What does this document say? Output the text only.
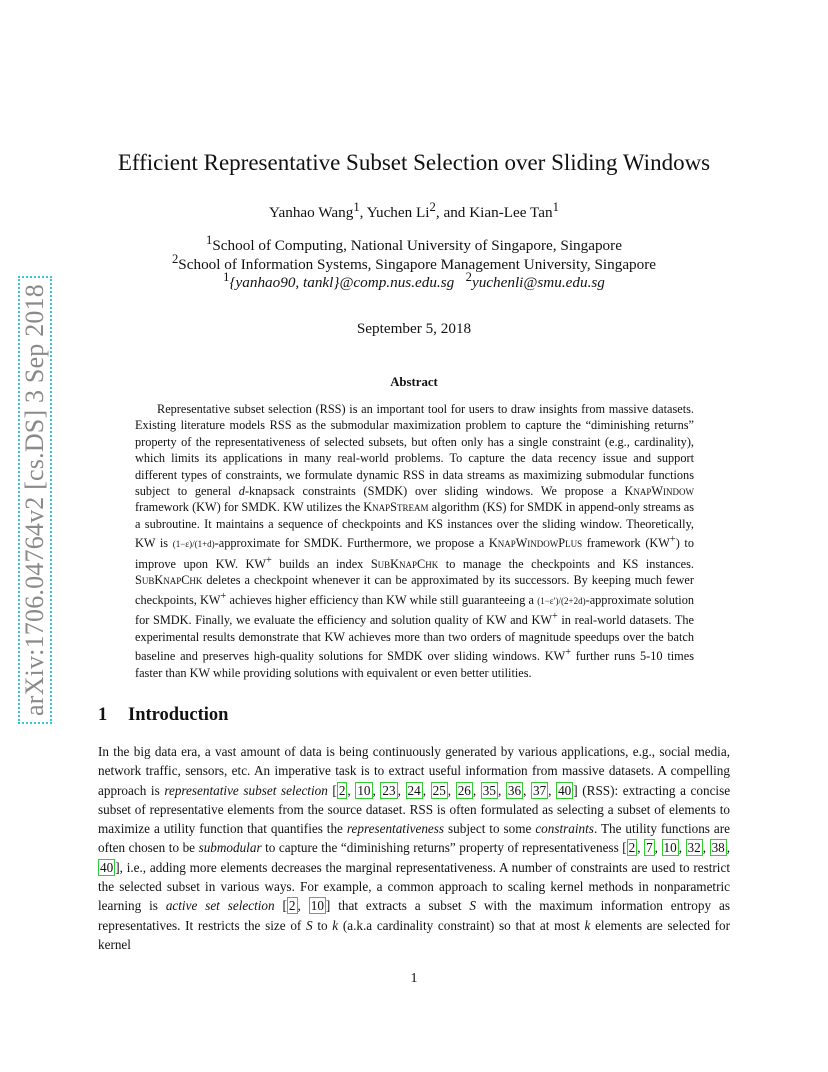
arXiv:1706.04764v2 [cs.DS] 3 Sep 2018
Efficient Representative Subset Selection over Sliding Windows
Yanhao Wang$^1$, Yuchen Li$^2$, and Kian-Lee Tan$^1$
$^1$School of Computing, National University of Singapore, Singapore
$^2$School of Information Systems, Singapore Management University, Singapore
$^1${yanhao90, tankl}@comp.nus.edu.sg $^2$yuchenli@smu.edu.sg
September 5, 2018
Abstract
Representative subset selection (RSS) is an important tool for users to draw insights from massive datasets. Existing literature models RSS as the submodular maximization problem to capture the “diminishing returns” property of the representativeness of selected subsets, but often only has a single constraint (e.g., cardinality), which limits its applications in many real-world problems. To capture the data recency issue and support different types of constraints, we formulate dynamic RSS in data streams as maximizing submodular functions subject to general d-knapsack constraints (SMDK) over sliding windows. We propose a KnapWindow framework (KW) for SMDK. KW utilizes the KnapStream algorithm (KS) for SMDK in append-only streams as a subroutine. It maintains a sequence of checkpoints and KS instances over the sliding window. Theoretically, KW is (1−ε)/(1+d)-approximate for SMDK. Furthermore, we propose a KnapWindowPlus framework (KW+) to improve upon KW. KW+ builds an index SubKnapChk to manage the checkpoints and KS instances. SubKnapChk deletes a checkpoint whenever it can be approximated by its successors. By keeping much fewer checkpoints, KW+ achieves higher efficiency than KW while still guaranteeing a (1−ε′)/(2+2d)-approximate solution for SMDK. Finally, we evaluate the efficiency and solution quality of KW and KW+ in real-world datasets. The experimental results demonstrate that KW achieves more than two orders of magnitude speedups over the batch baseline and preserves high-quality solutions for SMDK over sliding windows. KW+ further runs 5-10 times faster than KW while providing solutions with equivalent or even better utilities.
1 Introduction
In the big data era, a vast amount of data is being continuously generated by various applications, e.g., social media, network traffic, sensors, etc. An imperative task is to extract useful information from massive datasets. A compelling approach is representative subset selection [ 2 , 10 , 23 , 24 , 25 , 26 , 35 , 36 , 37 , 40 ] (RSS): extracting a concise subset of representative elements from the source dataset. RSS is often formulated as selecting a subset of elements to maximize a utility function that quantifies the representativeness subject to some constraints. The utility functions are often chosen to be submodular to capture the “diminishing returns” property of representativeness [ 2 , 7 , 10 , 32 , 38 , 40 ], i.e., adding more elements decreases the marginal representativeness. A number of constraints are used to restrict the selected subset in various ways. For example, a common approach to scaling kernel methods in nonparametric learning is active set selection [ 2 , 10 ] that extracts a subset S with the maximum information entropy as representatives. It restricts the size of S to k (a.k.a cardinality constraint) so that at most k elements are selected for kernel
1
